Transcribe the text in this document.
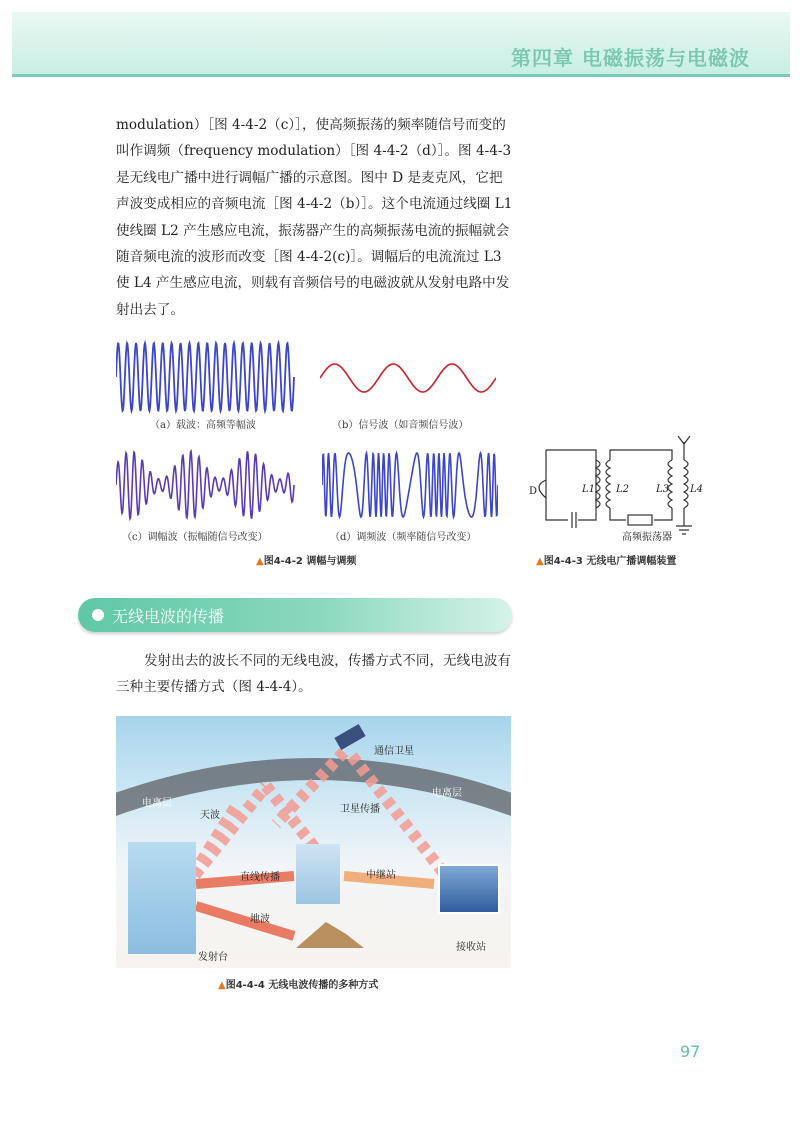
第四章 电磁振荡与电磁波

modulation）［图 4-4-2（c）］，使高频振荡的频率随信号而变的叫作调频（frequency modulation）［图 4-4-2（d）］。图 4-4-3 是无线电广播中进行调幅广播的示意图。图中 D 是麦克风，它把声波变成相应的音频电流［图 4-4-2（b）］。这个电流通过线圈 L1 使线圈 L2 产生感应电流，振荡器产生的高频振荡电流的振幅就会随音频电流的波形而改变［图 4-4-2(c)］。调幅后的电流流过 L3 使 L4 产生感应电流，则载有音频信号的电磁波就从发射电路中发射出去了。

（a）载波：高频等幅波	（b）信号波（如音频信号波）
（c）调幅波（振幅随信号改变）	（d）调频波（频率随信号改变）
▲图4-4-2 调幅与调频
D	L1 L2	L3 L4
高频振荡器
▲图4-4-3 无线电广播调幅装置
无线电波的传播

发射出去的波长不同的无线电波，传播方式不同，无线电波有三种主要传播方式（图 4-4-4）。

通信卫星
电离层
电离层
天波
卫星传播
直线传播	中继站
地波
发射台
接收站
▲图4-4-4 无线电波传播的多种方式
97
